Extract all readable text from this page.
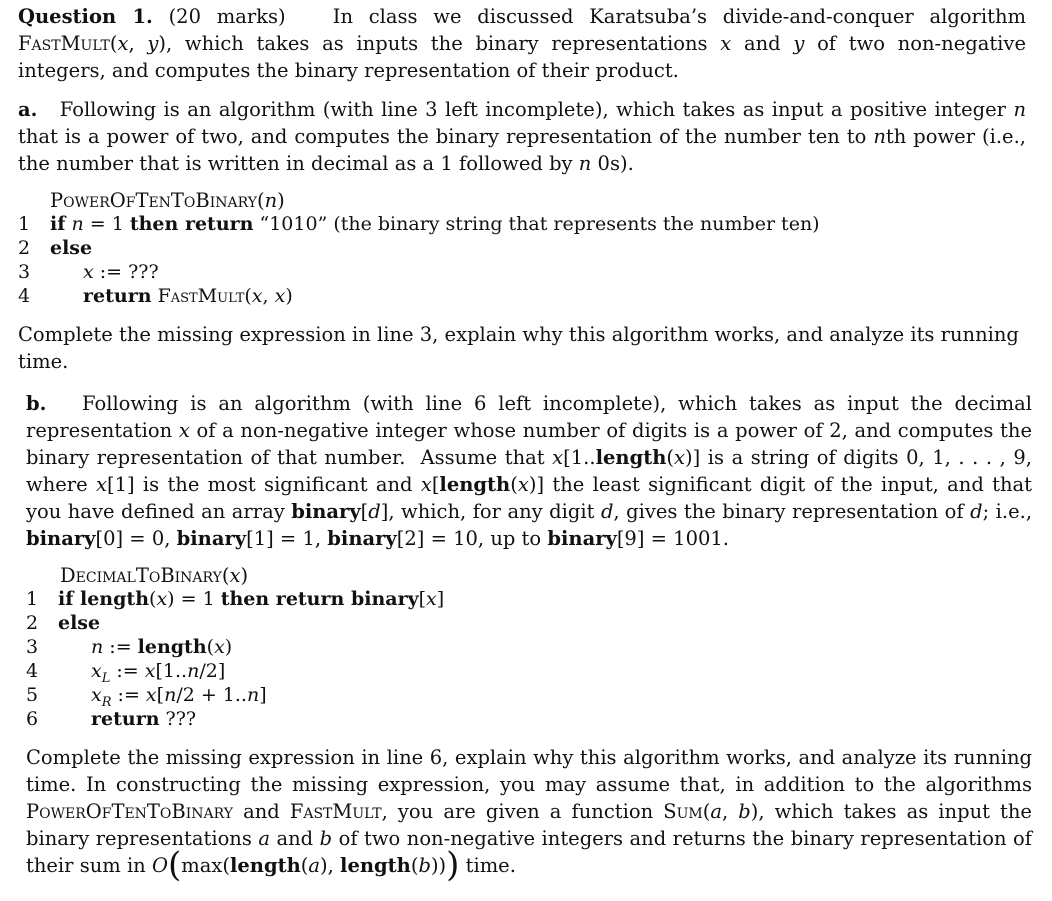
Question 1. (20 marks)   In class we discussed Karatsuba’s divide-and-conquer algorithm FastMult(x, y), which takes as inputs the binary representations x and y of two non-negative integers, and computes the binary representation of their product.

a.   Following is an algorithm (with line 3 left incomplete), which takes as input a positive integer n that is a power of two, and computes the binary representation of the number ten to nth power (i.e., the number that is written in decimal as a 1 followed by n 0s).

PowerOfTenToBinary(n)
1	if n = 1 then return “1010” (the binary string that represents the number ten)
2	else
3	x := ???
4	return FastMult(x, x)

Complete the missing expression in line 3, explain why this algorithm works, and analyze its running time.

b.   Following is an algorithm (with line 6 left incomplete), which takes as input the decimal representation x of a non-negative integer whose number of digits is a power of 2, and computes the binary representation of that number.  Assume that x[1..length(x)] is a string of digits 0, 1, . . . , 9, where x[1] is the most significant and x[length(x)] the least significant digit of the input, and that you have defined an array binary[d], which, for any digit d, gives the binary representation of d; i.e., binary[0] = 0, binary[1] = 1, binary[2] = 10, up to binary[9] = 1001.

DecimalToBinary(x)
1	if length(x) = 1 then return binary[x]
2	else
3	n := length(x)
4	$x_L$ := x[1..n/2]
5	$x_R$ := x[n/2 + 1..n]
6	return ???

Complete the missing expression in line 6, explain why this algorithm works, and analyze its running time. In constructing the missing expression, you may assume that, in addition to the algorithms PowerOfTenToBinary and FastMult, you are given a function Sum(a, b), which takes as input the binary representations a and b of two non-negative integers and returns the binary representation of their sum in O(max(length(a), length(b))) time.
